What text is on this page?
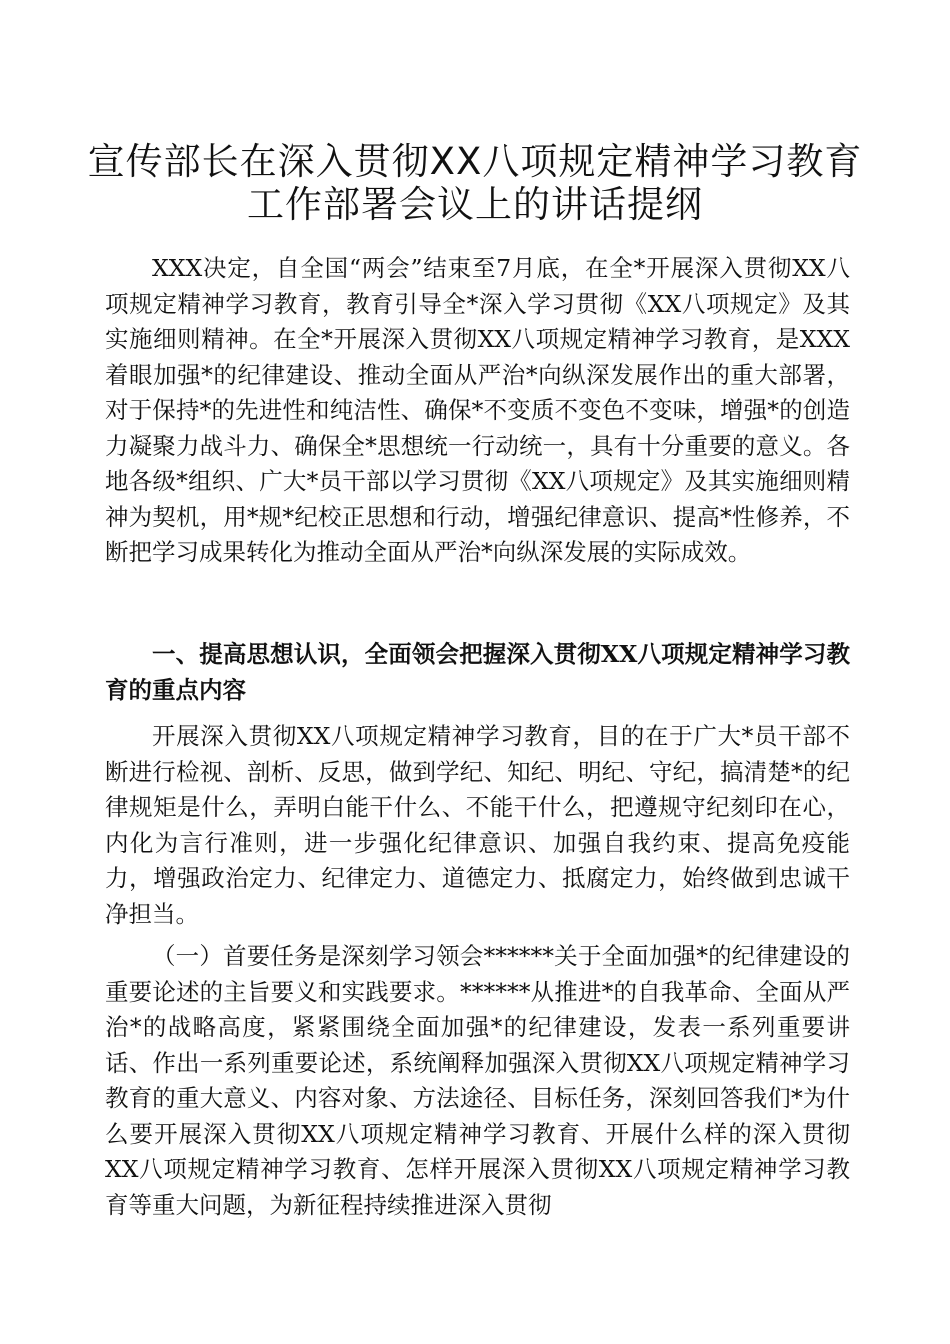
宣传部长在深入贯彻XX八项规定精神学习教育
工作部署会议上的讲话提纲

XXX决定，自全国“两会”结束至7月底，在全*开展深入贯彻XX八项规定精神学习教育，教育引导全*深入学习贯彻《XX八项规定》及其实施细则精神。在全*开展深入贯彻XX八项规定精神学习教育，是XXX着眼加强*的纪律建设、推动全面从严治*向纵深发展作出的重大部署，对于保持*的先进性和纯洁性、确保*不变质不变色不变味，增强*的创造力凝聚力战斗力、确保全*思想统一行动统一，具有十分重要的意义。各地各级*组织、广大*员干部以学习贯彻《XX八项规定》及其实施细则精神为契机，用*规*纪校正思想和行动，增强纪律意识、提高*性修养，不断把学习成果转化为推动全面从严治*向纵深发展的实际成效。

一、提高思想认识，全面领会把握深入贯彻XX八项规定精神学习教育的重点内容

开展深入贯彻XX八项规定精神学习教育，目的在于广大*员干部不断进行检视、剖析、反思，做到学纪、知纪、明纪、守纪，搞清楚*的纪律规矩是什么，弄明白能干什么、不能干什么，把遵规守纪刻印在心，内化为言行准则，进一步强化纪律意识、加强自我约束、提高免疫能力，增强政治定力、纪律定力、道德定力、抵腐定力，始终做到忠诚干净担当。

（一）首要任务是深刻学习领会******关于全面加强*的纪律建设的重要论述的主旨要义和实践要求。******从推进*的自我革命、全面从严治*的战略高度，紧紧围绕全面加强*的纪律建设，发表一系列重要讲话、作出一系列重要论述，系统阐释加强深入贯彻XX八项规定精神学习教育的重大意义、内容对象、方法途径、目标任务，深刻回答我们*为什么要开展深入贯彻XX八项规定精神学习教育、开展什么样的深入贯彻XX八项规定精神学习教育、怎样开展深入贯彻XX八项规定精神学习教育等重大问题，为新征程持续推进深入贯彻
